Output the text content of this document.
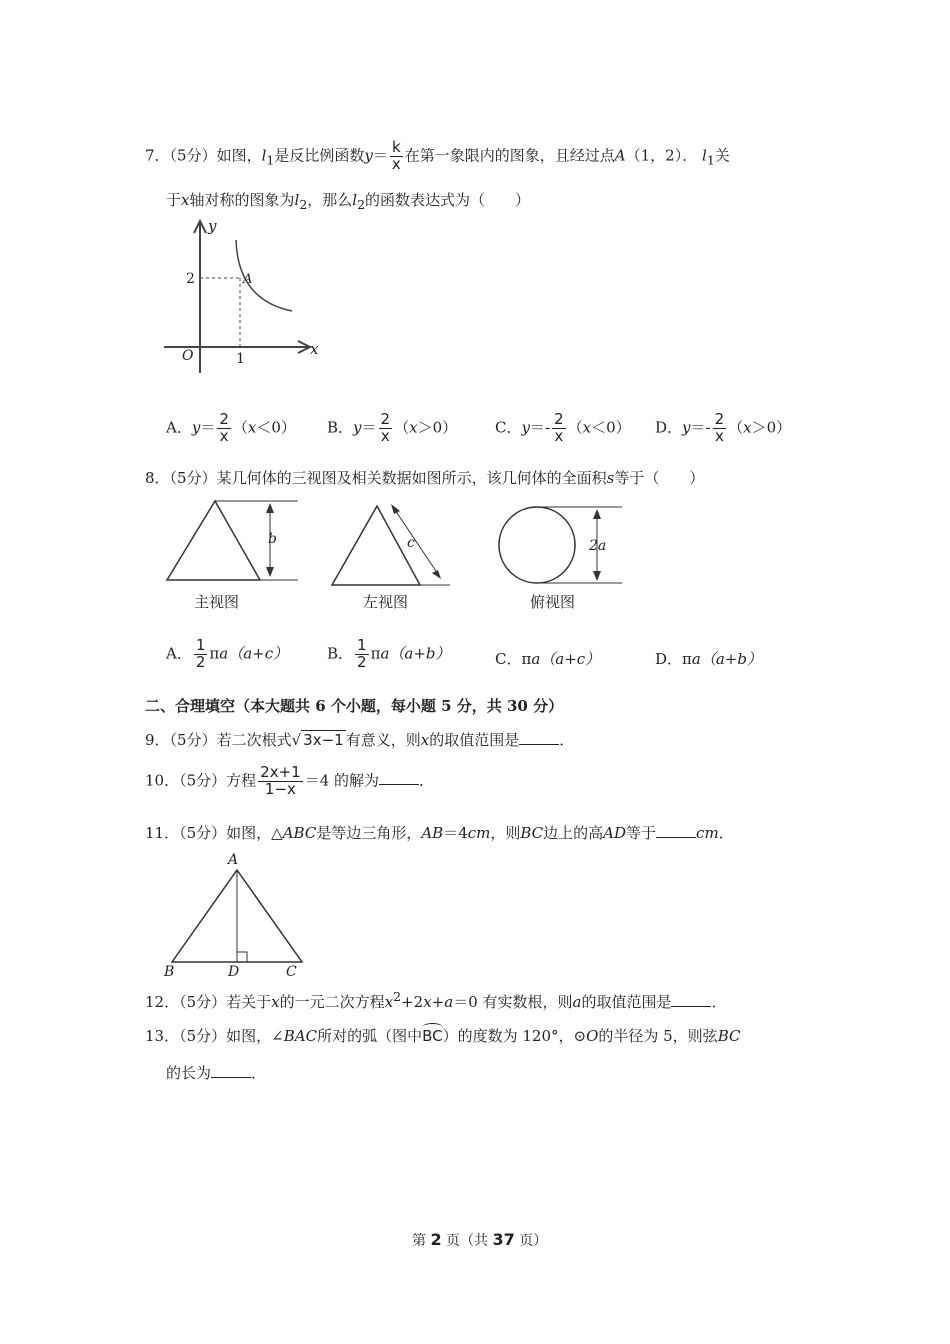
7．（5分）如图，$l_1$是反比例函数$y= \frac{k}{x}$ 在第一象限内的图象，且经过点A（1，2）． $l_1$关
于x轴对称的图象为$l_2$，那么$l_2$的函数表达式为（　　）
y
x
O
2
1
A
A．$y= \frac{2}{x} (x<0)$ B．$y= \frac{2}{x} (x>0)$	C．$y=- \frac{2}{x} (x<0)$ D．$y=- \frac{2}{x} (x>0)$
8．（5分）某几何体的三视图及相关数据如图所示，该几何体的全面积s等于（　　）
b
主视图
c
左视图
2a
俯视图
A． $\frac{1}{2} \pi a(a+c)$	B． $\frac{1}{2} \pi a(a+b)$	C．πa（a+c）	D．πa（a+b）
二、合理填空（本大题共 6 个小题，每小题 5 分，共 30 分）
9．（5分）若二次根式√ 3x−1 有意义，则x的取值范围是	．
10．（5分）方程 $\frac{2x+1}{1-x} =4$ 的解为	．
11．（5分）如图，△ABC是等边三角形，AB＝4cm，则BC边上的高AD等于	cm．
A
B	D	C
12．（5分）若关于x的一元二次方程$x^2+2x+a=0$ 有实数根，则a的取值范围是	．
13．（5分）如图，∠BAC所对的弧（图中
BC）的度数为 120°，⊙O的半径为 5，则弦BC
的长为	．
第 2 页（共 37 页）
